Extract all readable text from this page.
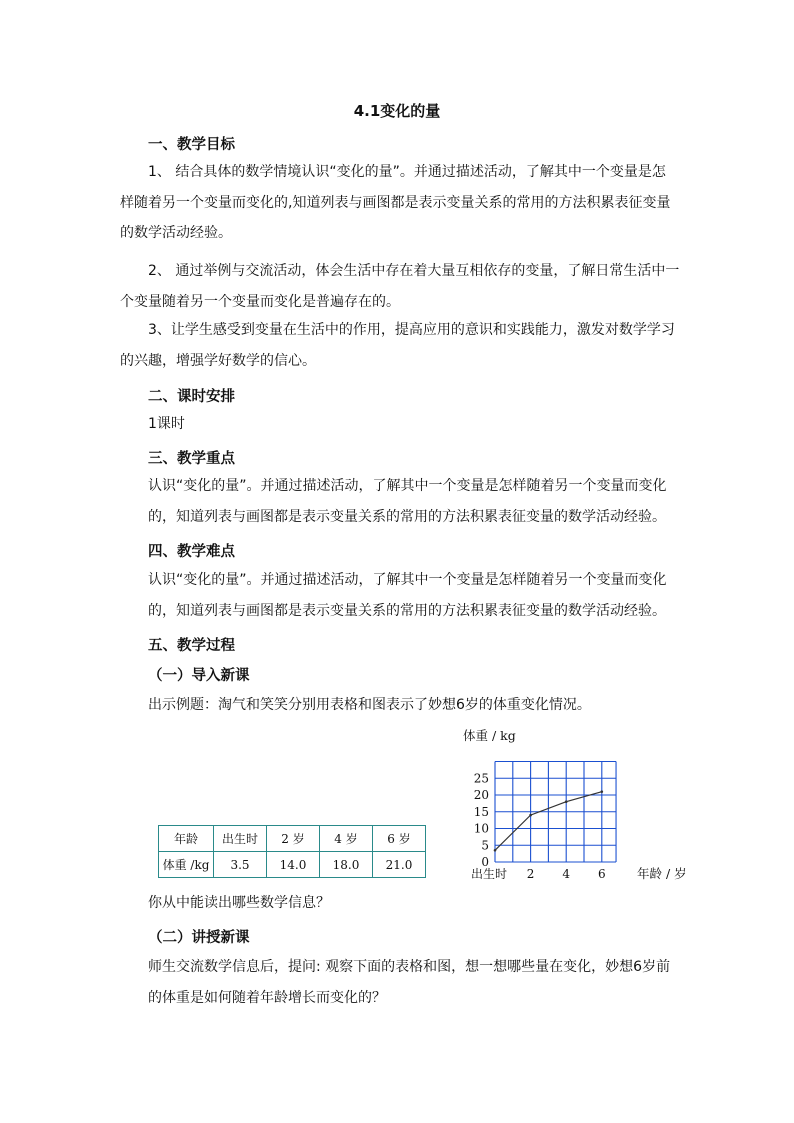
4.1变化的量
一、教学目标
1、 结合具体的数学情境认识“变化的量”。并通过描述活动，了解其中一个变量是怎
样随着另一个变量而变化的,知道列表与画图都是表示变量关系的常用的方法积累表征变量
的数学活动经验。
2、 通过举例与交流活动，体会生活中存在着大量互相依存的变量，了解日常生活中一
个变量随着另一个变量而变化是普遍存在的。
3、让学生感受到变量在生活中的作用，提高应用的意识和实践能力，激发对数学学习
的兴趣，增强学好数学的信心。
二、课时安排
1课时
三、教学重点
认识“变化的量”。并通过描述活动，了解其中一个变量是怎样随着另一个变量而变化
的，知道列表与画图都是表示变量关系的常用的方法积累表征变量的数学活动经验。
四、教学难点
认识“变化的量”。并通过描述活动，了解其中一个变量是怎样随着另一个变量而变化
的，知道列表与画图都是表示变量关系的常用的方法积累表征变量的数学活动经验。
五、教学过程
（一）导入新课
出示例题：淘气和笑笑分别用表格和图表示了妙想6岁的体重变化情况。
年龄	出生时	2 岁	4 岁	6 岁
体重 /kg	3.5	14.0	18.0	21.0	0
5
10
15
20
25
出生时 2 4 6
体重 / kg
年龄 / 岁
你从中能读出哪些数学信息？
（二）讲授新课
师生交流数学信息后，提问: 观察下面的表格和图，想一想哪些量在变化，妙想6岁前
的体重是如何随着年龄增长而变化的？
